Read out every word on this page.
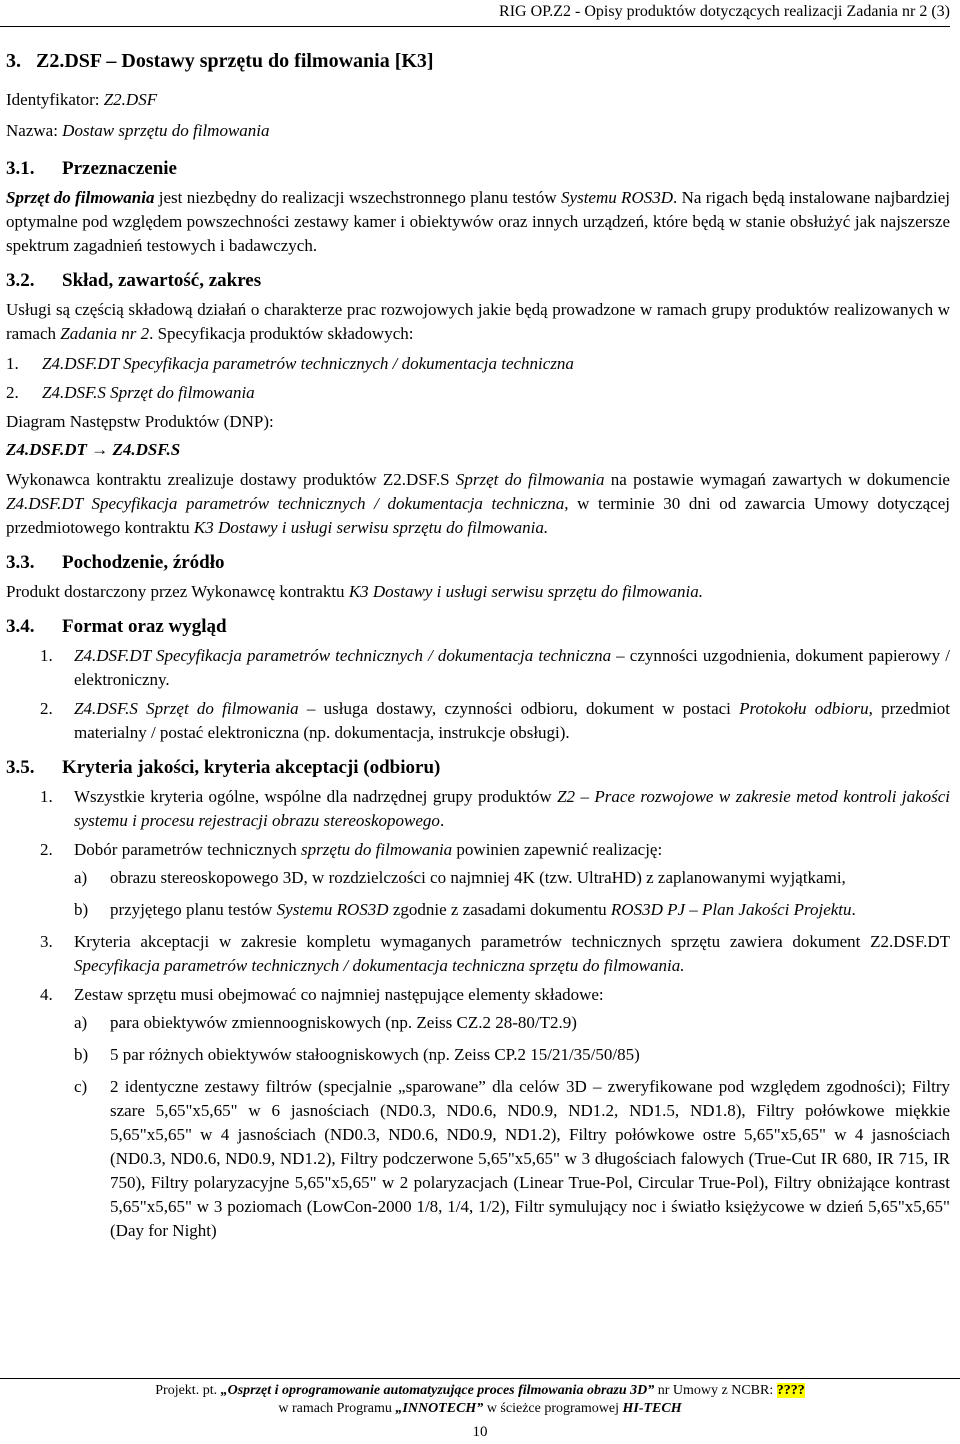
RIG OP.Z2 - Opisy produktów dotyczących realizacji Zadania nr 2 (3)
3. Z2.DSF – Dostawy sprzętu do filmowania [K3]
Identyfikator: Z2.DSF
Nazwa: Dostaw sprzętu do filmowania
3.1. Przeznaczenie

Sprzęt do filmowania jest niezbędny do realizacji wszechstronnego planu testów Systemu ROS3D. Na rigach będą instalowane najbardziej optymalne pod względem powszechności zestawy kamer i obiektywów oraz innych urządzeń, które będą w stanie obsłużyć jak najszersze spektrum zagadnień testowych i badawczych.

3.2. Skład, zawartość, zakres

Usługi są częścią składową działań o charakterze prac rozwojowych jakie będą prowadzone w ramach grupy produktów realizowanych w ramach Zadania nr 2. Specyfikacja produktów składowych:

1. Z4.DSF.DT Specyfikacja parametrów technicznych / dokumentacja techniczna
2. Z4.DSF.S Sprzęt do filmowania
Diagram Następstw Produktów (DNP):
Z4.DSF.DT → Z4.DSF.S

Wykonawca kontraktu zrealizuje dostawy produktów Z2.DSF.S Sprzęt do filmowania na postawie wymagań zawartych w dokumencie Z4.DSF.DT Specyfikacja parametrów technicznych / dokumentacja techniczna, w terminie 30 dni od zawarcia Umowy dotyczącej przedmiotowego kontraktu K3 Dostawy i usługi serwisu sprzętu do filmowania.

3.3. Pochodzenie, źródło

Produkt dostarczony przez Wykonawcę kontraktu K3 Dostawy i usługi serwisu sprzętu do filmowania.

3.4. Format oraz wygląd
1. Z4.DSF.DT Specyfikacja parametrów technicznych / dokumentacja techniczna – czynności uzgodnienia, dokument papierowy / elektroniczny.
2. Z4.DSF.S Sprzęt do filmowania – usługa dostawy, czynności odbioru, dokument w postaci Protokołu odbioru, przedmiot materialny / postać elektroniczna (np. dokumentacja, instrukcje obsługi).
3.5. Kryteria jakości, kryteria akceptacji (odbioru)
1. Wszystkie kryteria ogólne, wspólne dla nadrzędnej grupy produktów Z2 – Prace rozwojowe w zakresie metod kontroli jakości systemu i procesu rejestracji obrazu stereoskopowego.
2. Dobór parametrów technicznych sprzętu do filmowania powinien zapewnić realizację:
a) obrazu stereoskopowego 3D, w rozdzielczości co najmniej 4K (tzw. UltraHD) z zaplanowanymi wyjątkami,
b) przyjętego planu testów Systemu ROS3D zgodnie z zasadami dokumentu ROS3D PJ – Plan Jakości Projektu.
3. Kryteria akceptacji w zakresie kompletu wymaganych parametrów technicznych sprzętu zawiera dokument Z2.DSF.DT Specyfikacja parametrów technicznych / dokumentacja techniczna sprzętu do filmowania.
4. Zestaw sprzętu musi obejmować co najmniej następujące elementy składowe:
a) para obiektywów zmiennoogniskowych (np. Zeiss CZ.2 28-80/T2.9)
b) 5 par różnych obiektywów stałoogniskowych (np. Zeiss CP.2 15/21/35/50/85)
c) 2 identyczne zestawy filtrów (specjalnie „sparowane” dla celów 3D – zweryfikowane pod względem zgodności); Filtry szare 5,65"x5,65" w 6 jasnościach (ND0.3, ND0.6, ND0.9, ND1.2, ND1.5, ND1.8), Filtry połówkowe miękkie 5,65"x5,65" w 4 jasnościach (ND0.3, ND0.6, ND0.9, ND1.2), Filtry połówkowe ostre 5,65"x5,65" w 4 jasnościach (ND0.3, ND0.6, ND0.9, ND1.2), Filtry podczerwone 5,65"x5,65" w 3 długościach falowych (True-Cut IR 680, IR 715, IR 750), Filtry polaryzacyjne 5,65"x5,65" w 2 polaryzacjach (Linear True-Pol, Circular True-Pol), Filtry obniżające kontrast 5,65"x5,65" w 3 poziomach (LowCon-2000 1/8, 1/4, 1/2), Filtr symulujący noc i światło księżycowe w dzień 5,65"x5,65" (Day for Night)
Projekt. pt. „Osprzęt i oprogramowanie automatyzujące proces filmowania obrazu 3D” nr Umowy z NCBR: ????
w ramach Programu „INNOTECH” w ścieżce programowej HI-TECH
10
